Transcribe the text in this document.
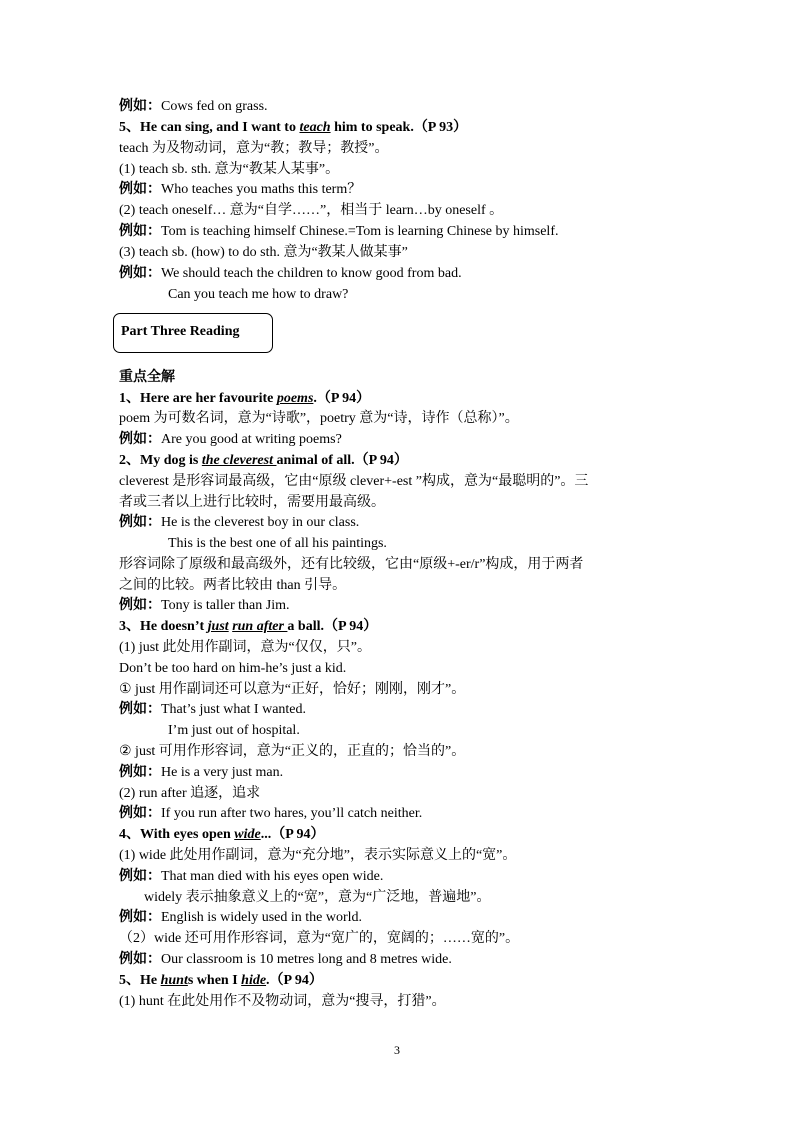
例如：Cows fed on grass.
5、He can sing, and I want to teach him to speak.（P 93）
teach 为及物动词，意为“教；教导；教授”。
(1) teach sb. sth. 意为“教某人某事”。
例如：Who teaches you maths this term？
(2) teach oneself… 意为“自学……”，相当于 learn…by oneself 。
例如：Tom is teaching himself Chinese.=Tom is learning Chinese by himself.
(3) teach sb. (how) to do sth. 意为“教某人做某事”
例如：We should teach the children to know good from bad.
Can you teach me how to draw?
Part Three Reading
重点全解
1、Here are her favourite poems.（P 94）
poem 为可数名词，意为“诗歌”，poetry 意为“诗，诗作（总称）”。
例如：Are you good at writing poems?
2、My dog is the cleverest animal of all.（P 94）
cleverest 是形容词最高级，它由“原级 clever+-est ”构成，意为“最聪明的”。三
者或三者以上进行比较时，需要用最高级。
例如：He is the cleverest boy in our class.
This is the best one of all his paintings.
形容词除了原级和最高级外，还有比较级，它由“原级+-er/r”构成，用于两者
之间的比较。两者比较由 than 引导。
例如：Tony is taller than Jim.
3、He doesn’t just run after a ball.（P 94）
(1) just 此处用作副词，意为“仅仅，只”。
Don’t be too hard on him-he’s just a kid.
① just 用作副词还可以意为“正好，恰好；刚刚，刚才”。
例如：That’s just what I wanted.
I’m just out of hospital.
② just 可用作形容词，意为“正义的，正直的；恰当的”。
例如：He is a very just man.
(2) run after 追逐，追求
例如：If you run after two hares, you’ll catch neither.
4、With eyes open wide...（P 94）
(1) wide 此处用作副词，意为“充分地”，表示实际意义上的“宽”。
例如：That man died with his eyes open wide.
widely 表示抽象意义上的“宽”，意为“广泛地，普遍地”。
例如：English is widely used in the world.
（2）wide 还可用作形容词，意为“宽广的，宽阔的；……宽的”。
例如：Our classroom is 10 metres long and 8 metres wide.
5、He hunts when I hide.（P 94）
(1) hunt 在此处用作不及物动词，意为“搜寻，打猎”。
3
